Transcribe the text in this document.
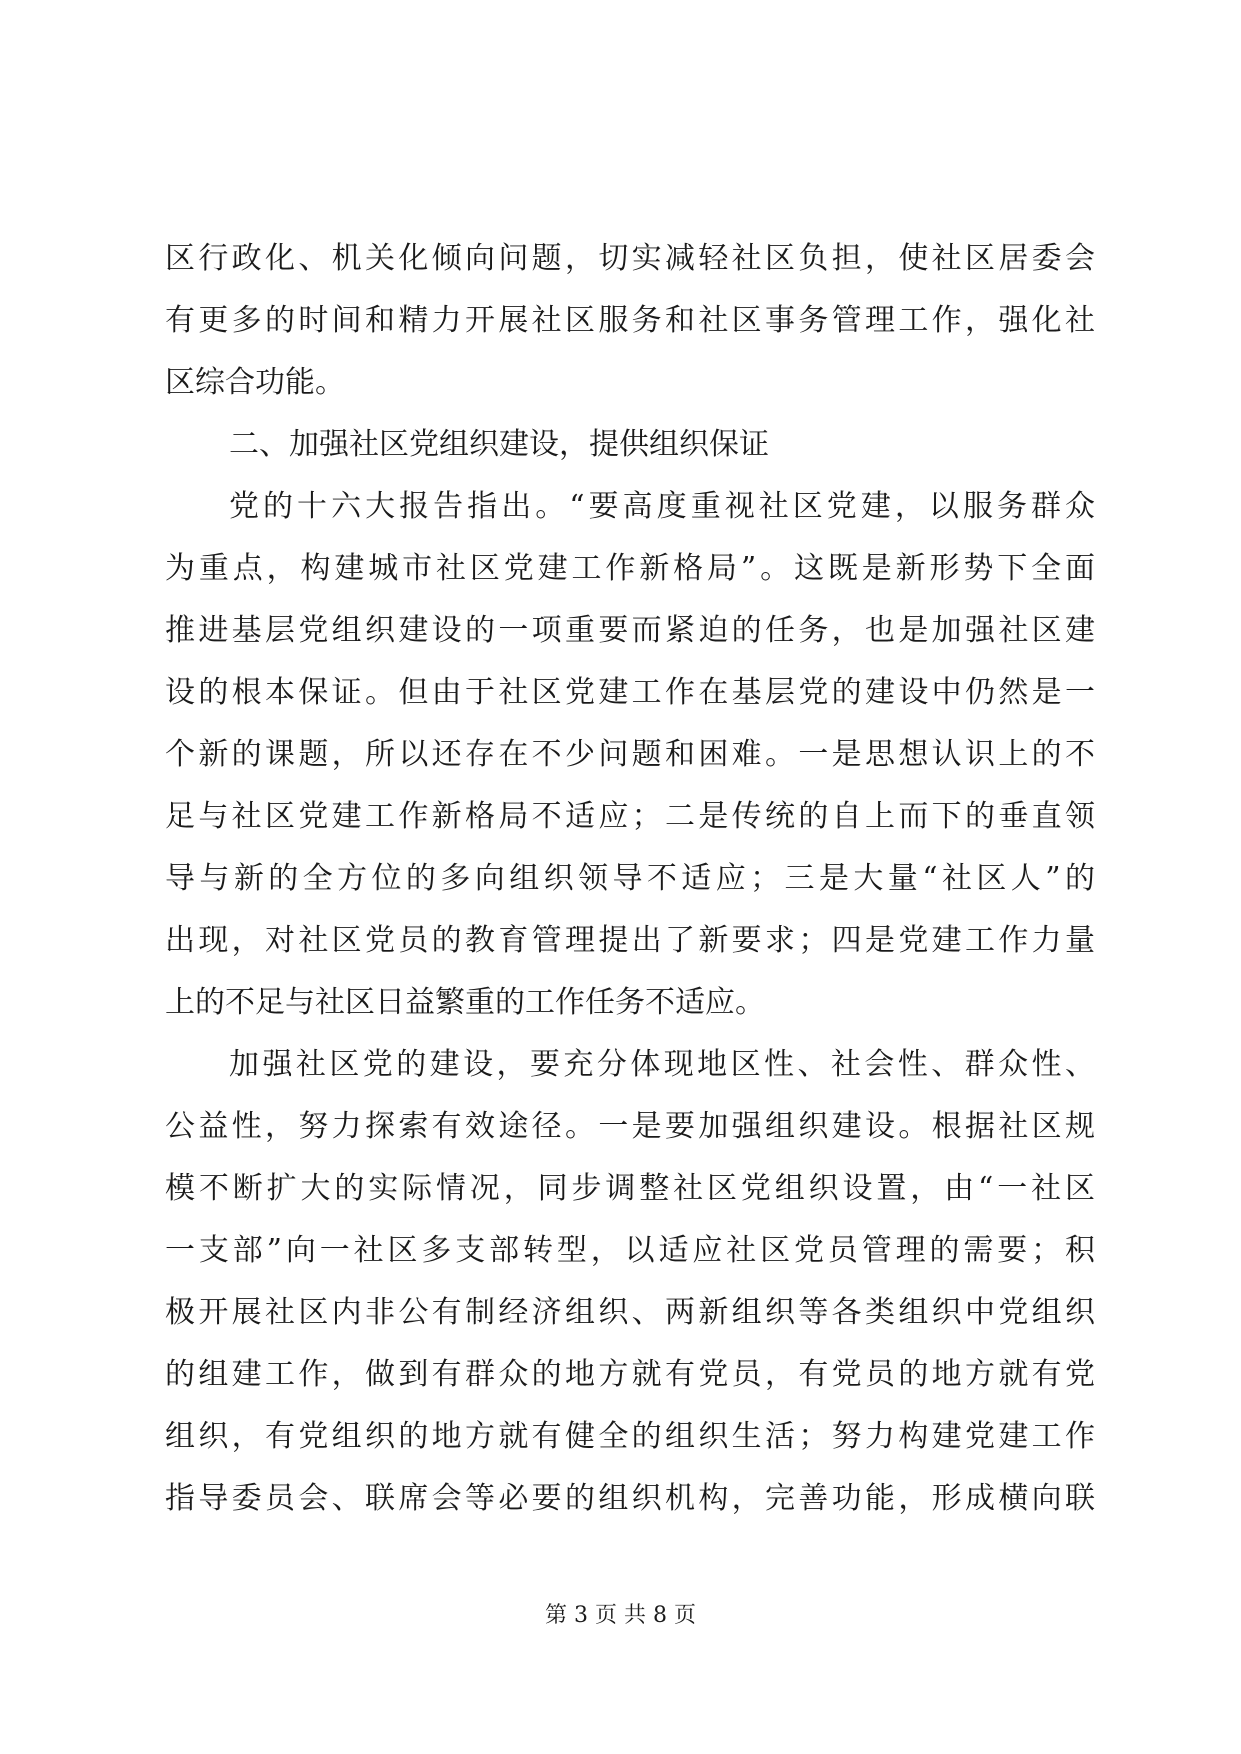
区行政化、机关化倾向问题，切实减轻社区负担，使社区居委会
有更多的时间和精力开展社区服务和社区事务管理工作，强化社
区综合功能。
二、加强社区党组织建设，提供组织保证
党的十六大报告指出。“要高度重视社区党建，以服务群众
为重点，构建城市社区党建工作新格局”。这既是新形势下全面
推进基层党组织建设的一项重要而紧迫的任务，也是加强社区建
设的根本保证。但由于社区党建工作在基层党的建设中仍然是一
个新的课题，所以还存在不少问题和困难。一是思想认识上的不
足与社区党建工作新格局不适应；二是传统的自上而下的垂直领
导与新的全方位的多向组织领导不适应；三是大量“社区人”的
出现，对社区党员的教育管理提出了新要求；四是党建工作力量
上的不足与社区日益繁重的工作任务不适应。
加强社区党的建设，要充分体现地区性、社会性、群众性、
公益性，努力探索有效途径。一是要加强组织建设。根据社区规
模不断扩大的实际情况，同步调整社区党组织设置，由“一社区
一支部”向一社区多支部转型，以适应社区党员管理的需要；积
极开展社区内非公有制经济组织、两新组织等各类组织中党组织
的组建工作，做到有群众的地方就有党员，有党员的地方就有党
组织，有党组织的地方就有健全的组织生活；努力构建党建工作
指导委员会、联席会等必要的组织机构，完善功能，形成横向联
第 3 页 共 8 页
